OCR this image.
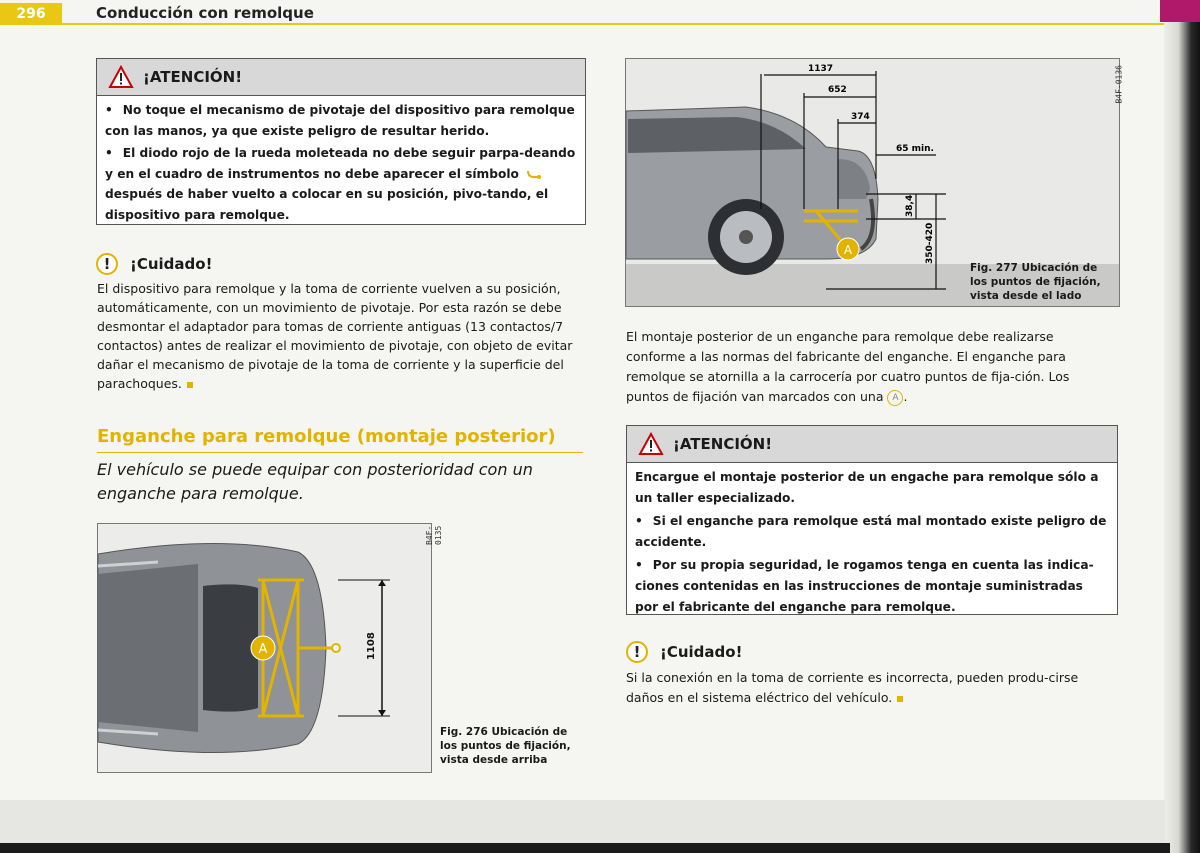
296	Conducción con remolque
¡ATENCIÓN!

• No toque el mecanismo de pivotaje del dispositivo para remolque con las manos, ya que existe peligro de resultar herido.

• El diodo rojo de la rueda moleteada no debe seguir parpa-deando y en el cuadro de instrumentos no debe aparecer el símbolo después de haber vuelto a colocar en su posición, pivo-tando, el dispositivo para remolque.

!	¡Cuidado!
El dispositivo para remolque y la toma de corriente vuelven a su posición, automáticamente, con un movimiento de pivotaje. Por esta razón se debe desmontar el adaptador para tomas de corriente antiguas (13 contactos/7 contactos) antes de realizar el movimiento de pivotaje, con objeto de evitar dañar el mecanismo de pivotaje de la toma de corriente y la superficie del parachoques.
Enganche para remolque (montaje posterior)
El vehículo se puede equipar con posterioridad con un enganche para remolque.
A	1108
B4F-0135
Fig. 276 Ubicación de los puntos de fijación, vista desde arriba
A
1137
652
374
65 min.
38,4
350-420
B4F-0136
Fig. 277 Ubicación de los puntos de fijación, vista desde el lado
El montaje posterior de un enganche para remolque debe realizarse conforme a las normas del fabricante del enganche. El enganche para remolque se atornilla a la carrocería por cuatro puntos de fija-ción. Los puntos de fijación van marcados con una A .
¡ATENCIÓN!

Encargue el montaje posterior de un engache para remolque sólo a un taller especializado.

• Si el enganche para remolque está mal montado existe peligro de accidente.

• Por su propia seguridad, le rogamos tenga en cuenta las indica-ciones contenidas en las instrucciones de montaje suministradas por el fabricante del enganche para remolque.

!	¡Cuidado!
Si la conexión en la toma de corriente es incorrecta, pueden produ-cirse daños en el sistema eléctrico del vehículo.
